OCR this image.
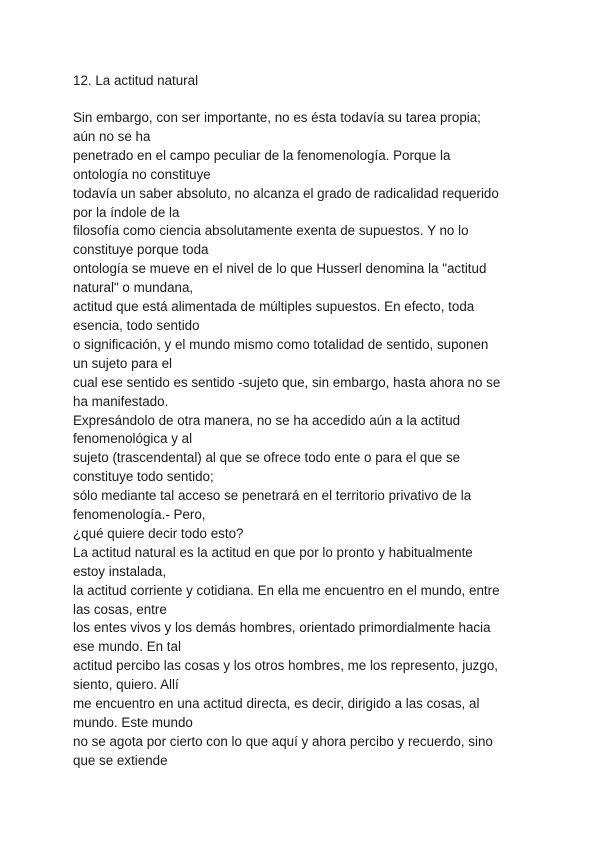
12. La actitud natural
Sin embargo, con ser importante, no es ésta todavía su tarea propia;
aún no se ha
penetrado en el campo peculiar de la fenomenología. Porque la
ontología no constituye
todavía un saber absoluto, no alcanza el grado de radicalidad requerido
por la índole de la
filosofía como ciencia absolutamente exenta de supuestos. Y no lo
constituye porque toda
ontología se mueve en el nivel de lo que Husserl denomina la "actitud
natural" o mundana,
actitud que está alimentada de múltiples supuestos. En efecto, toda
esencia, todo sentido
o significación, y el mundo mismo como totalidad de sentido, suponen
un sujeto para el
cual ese sentido es sentido -sujeto que, sin embargo, hasta ahora no se
ha manifestado.
Expresándolo de otra manera, no se ha accedido aún a la actitud
fenomenológica y al
sujeto (trascendental) al que se ofrece todo ente o para el que se
constituye todo sentido;
sólo mediante tal acceso se penetrará en el territorio privativo de la
fenomenología.- Pero,
¿qué quiere decir todo esto?
La actitud natural es la actitud en que por lo pronto y habitualmente
estoy instalada,
la actitud corriente y cotidiana. En ella me encuentro en el mundo, entre
las cosas, entre
los entes vivos y los demás hombres, orientado primordialmente hacia
ese mundo. En tal
actitud percibo las cosas y los otros hombres, me los represento, juzgo,
siento, quiero. Allí
me encuentro en una actitud directa, es decir, dirigido a las cosas, al
mundo. Este mundo
no se agota por cierto con lo que aquí y ahora percibo y recuerdo, sino
que se extiende
